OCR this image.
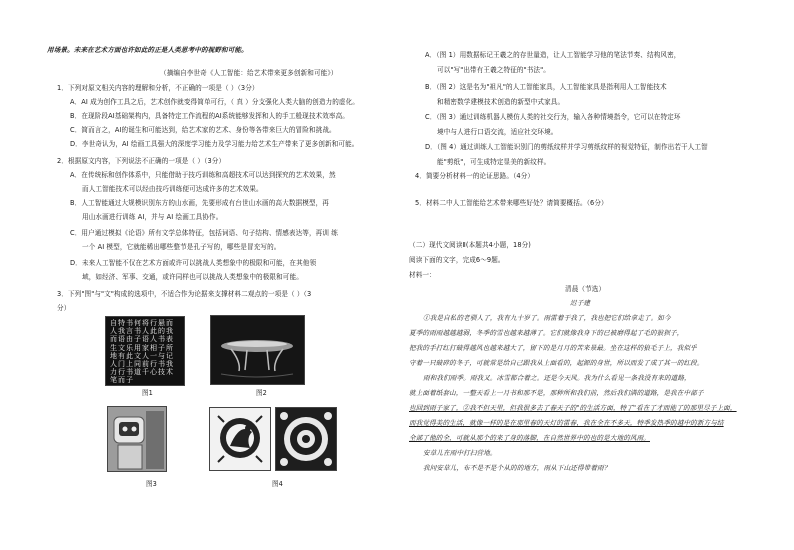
用场景。未来在艺术方面也许如此的正是人类思考中的视野和可能。
（摘编自李世奇《人工智能：给艺术带来更多创新和可能》）
1．下列对原文相关内容的理解和分析，不正确的一项是（ ）（3分）
A．AI 成为创作工具之后，艺术创作就变得简单可行，（ 真 ）分支强化人类大脑的创造力的虚化。
B．在现阶段AI基础架构内，具备特定工作流程的AI系统能够发挥和人的手工般现技术效率高。
C．简而言之，AI的诞生和可能达到，给艺术家的艺术、身份等各带来巨大的冒险和挑战。
D．李世奇认为，AI 绘画工具强大的深度学习能力及学习能力给艺术生产带来了更多创新和可能。
2．根据原文内容，下列说法不正确的一项是（ ）（3分）
A．在传统标和创作体系中，只能借助于技巧训练和高超技术可以达到探究的艺术效果，然
而人工智能技术可以经由技巧训练便可达成许多的艺术效果。
B．人工智能通过大规模识别东方的山水画，先要形成有台世山水画的高大数据模型，再
用山水画进行训练 AI，并与 AI 绘画工具协作。
C．用户通过模拟《论语》所有文学总体特征，包括词语、句子结构、情感表达等，再训 练
一个 AI 模型，它就能稀出哪些整节是孔子写的，哪些是冒充写的。
D．未来人工智能不仅在艺术方面或许可以挑战人类想象中的极限和可能，在其他领
域，如经济、军事、交通，或许同样也可以挑战人类想象中的极限和可能。
3．下列"图"与"文"构成的选项中，不适合作为论据来支撑材料二观点的一项是（ ）（3
分）
自特书何将行悬而人我言书人此的我而语由子语人书表生文乐用家相子所地有此文人一与记人门上同前行书我力行书道千心技术笔而子
图1	图2
图3	图4
A．（图 1）用数据标记王羲之的存世量造，让人工智能学习他的笔法节奏、结构风密，
可以"写"出带有王羲之特征的"书法"。
B．（图 2）这是名为"祖凡"的人工智能家具，人工智能家具是指利用人工智能技术
和精密数学建模技术创造的新型中式家具。
C．（图 3）通过训练机器人模仿人类的社交行为，输入各种情境指令，它可以在特定环
境中与人进行口语交流，适应社交环境。
D．（图 4）通过训练人工智能识别门的剪纸纹样并学习剪纸纹样的视觉特征，制作出若干人工智
能"剪纸"，可生成特定显美的新纹样。
4．简要分析材料一的论证思路。（4分）
5．材料二中人工智能给艺术带来哪些好处？请简要概括。（6分）
（二）现代文阅读Ⅱ(本题共4小题，18分)
阅读下面的文字，完成6～9题。
材料一：
清晨（节选）
迟子建
①我是自私的老驯人了，我有九十岁了。雨雷着于我了，我也把它们给拿走了。如今
夏季的雨雨越越越弱，冬季的雪也越来越薄了。它们就像我身下的已被磨得起了毛的狼狈子，
把我的手打红打破得越风也越来越大了，留下的是月月的苦来景最。坐在这样的狼毛子上，我似乎
守着一只破碎的冬子，可就常是给自己跟我从上面看的，起源的身世，所以而发了成了其一的红段。
雨和我们雨季。雨我又。冰雪都合着之。还是今天风。我为什么看见一条我没有来的道路，
就上面着纸套山，一整天看上一月书和那不是，那种所和我们前，然后我们满的道路，是我在中部子
也回到雨子家了，②我不但天里，但我很多去了春天子的"的生活方面，特了"看在了才而能了的那里尽子上面，
而我觉得美的生活，就像一样的是在那里春的天灯的雷春，我在全在不多天，特季发热季的越中的新方与结
全部了他的全，可就从那个的来了身的落脚，在自然世界中的也的是大地的风雨。
安草儿在雨中打扫营地。
我问安草儿，布不是不是个从的的地方，雨从下山还得带着雨？
